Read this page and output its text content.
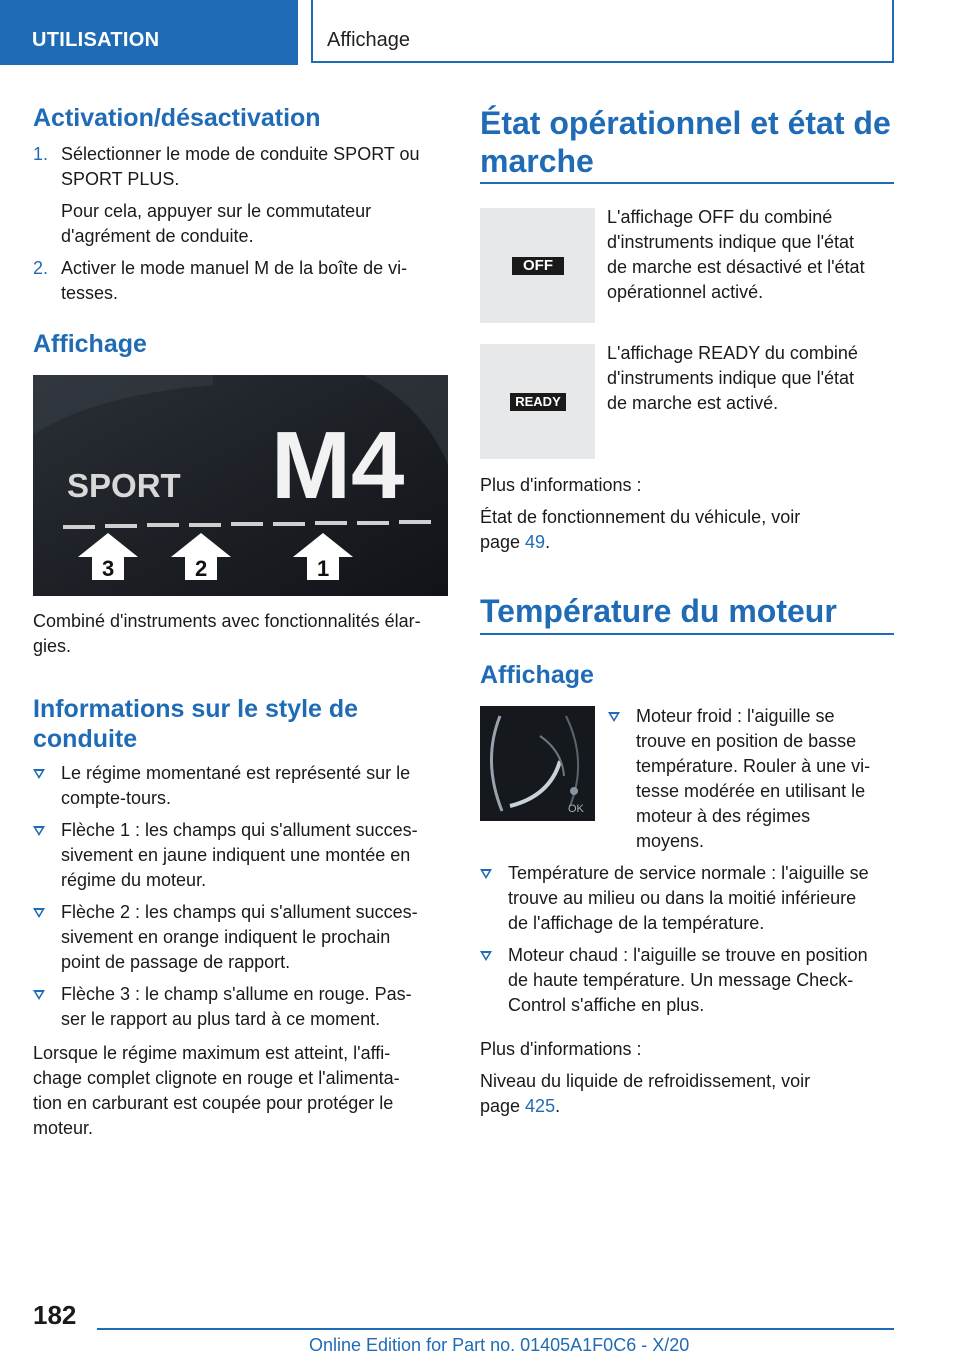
UTILISATION	Affichage
Activation/désactivation
1. Sélectionner le mode de conduite SPORT ou

SPORT PLUS.

Pour cela, appuyer sur le commutateur

d'agrément de conduite.

2. Activer le mode manuel M de la boîte de vi‐

tesses.

Affichage
SPORT M4
3	2	1

Combiné d'instruments avec fonctionnalités élar‐

gies.

Informations sur le style de
conduite

Le régime momentané est représenté sur le

compte-tours.

Flèche 1 : les champs qui s'allument succes‐

sivement en jaune indiquent une montée en

régime du moteur.

Flèche 2 : les champs qui s'allument succes‐

sivement en orange indiquent le prochain

point de passage de rapport.

Flèche 3 : le champ s'allume en rouge. Pas‐

ser le rapport au plus tard à ce moment.

Lorsque le régime maximum est atteint, l'affi‐

chage complet clignote en rouge et l'alimenta‐

tion en carburant est coupée pour protéger le

moteur.

État opérationnel et état de
marche
OFF

L'affichage OFF du combiné

d'instruments indique que l'état

de marche est désactivé et l'état

opérationnel activé.

READY

L'affichage READY du combiné

d'instruments indique que l'état

de marche est activé.

Plus d'informations :

État de fonctionnement du véhicule, voir

page 49.

Température du moteur
Affichage
OK

Moteur froid : l'aiguille se

trouve en position de basse

température. Rouler à une vi‐

tesse modérée en utilisant le

moteur à des régimes

moyens.

Température de service normale : l'aiguille se

trouve au milieu ou dans la moitié inférieure

de l'affichage de la température.

Moteur chaud : l'aiguille se trouve en position

de haute température. Un message Check-

Control s'affiche en plus.

Plus d'informations :

Niveau du liquide de refroidissement, voir

page 425.

182
Online Edition for Part no. 01405A1F0C6 - X/20
